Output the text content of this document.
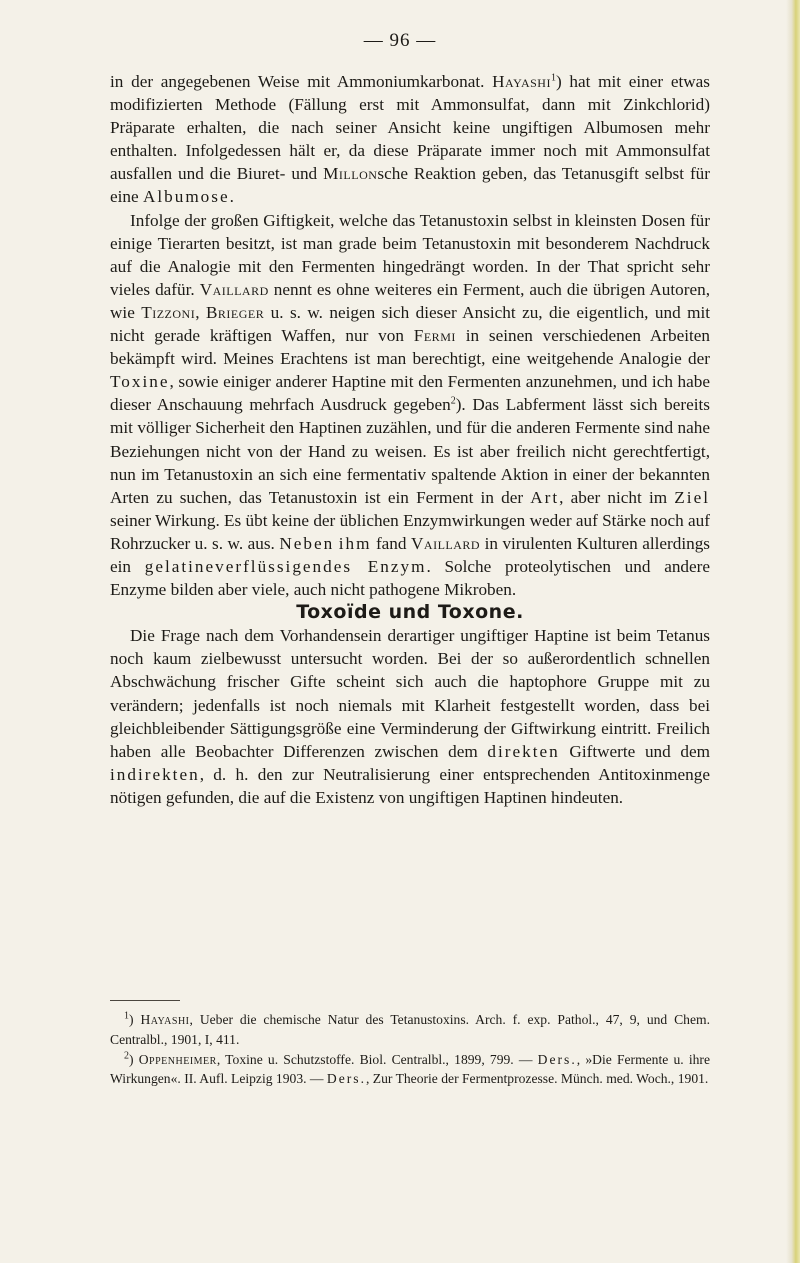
— 96 —

in der angegebenen Weise mit Ammoniumkarbonat. Hayashi$^1$) hat mit einer etwas modifizierten Methode (Fällung erst mit Ammonsulfat, dann mit Zinkchlorid) Präparate erhalten, die nach seiner Ansicht keine ungiftigen Albumosen mehr enthalten. Infolgedessen hält er, da diese Präparate immer noch mit Ammonsulfat ausfallen und die Biuret- und Millonsche Reaktion geben, das Tetanusgift selbst für eine Albumose.

Infolge der großen Giftigkeit, welche das Tetanustoxin selbst in kleinsten Dosen für einige Tierarten besitzt, ist man grade beim Tetanustoxin mit besonderem Nachdruck auf die Analogie mit den Fermenten hingedrängt worden. In der That spricht sehr vieles dafür. Vaillard nennt es ohne weiteres ein Ferment, auch die übrigen Autoren, wie Tizzoni, Brieger u. s. w. neigen sich dieser Ansicht zu, die eigentlich, und mit nicht gerade kräftigen Waffen, nur von Fermi in seinen verschiedenen Arbeiten bekämpft wird. Meines Erachtens ist man berechtigt, eine weitgehende Analogie der Toxine, sowie einiger anderer Haptine mit den Fermenten anzunehmen, und ich habe dieser Anschauung mehrfach Ausdruck gegeben$^2$). Das Labferment lässt sich bereits mit völliger Sicherheit den Haptinen zuzählen, und für die anderen Fermente sind nahe Beziehungen nicht von der Hand zu weisen. Es ist aber freilich nicht gerechtfertigt, nun im Tetanustoxin an sich eine fermentativ spaltende Aktion in einer der bekannten Arten zu suchen, das Tetanustoxin ist ein Ferment in der Art, aber nicht im Ziel seiner Wirkung. Es übt keine der üblichen Enzymwirkungen weder auf Stärke noch auf Rohrzucker u. s. w. aus. Neben ihm fand Vaillard in virulenten Kulturen allerdings ein gelatineverflüssigendes Enzym. Solche proteolytischen und andere Enzyme bilden aber viele, auch nicht pathogene Mikroben.

Toxoïde und Toxone.

Die Frage nach dem Vorhandensein derartiger ungiftiger Haptine ist beim Tetanus noch kaum zielbewusst untersucht worden. Bei der so außerordentlich schnellen Abschwächung frischer Gifte scheint sich auch die haptophore Gruppe mit zu verändern; jedenfalls ist noch niemals mit Klarheit festgestellt worden, dass bei gleichbleibender Sättigungsgröße eine Verminderung der Giftwirkung eintritt. Freilich haben alle Beobachter Differenzen zwischen dem direkten Giftwerte und dem indirekten, d. h. den zur Neutralisierung einer entsprechenden Antitoxinmenge nötigen gefunden, die auf die Existenz von ungiftigen Haptinen hindeuten.

$^1$) Hayashi, Ueber die chemische Natur des Tetanustoxins. Arch. f. exp. Pathol., 47, 9, und Chem. Centralbl., 1901, I, 411.

$^2$) Oppenheimer, Toxine u. Schutzstoffe. Biol. Centralbl., 1899, 799. — Ders., »Die Fermente u. ihre Wirkungen«. II. Aufl. Leipzig 1903. — Ders., Zur Theorie der Fermentprozesse. Münch. med. Woch., 1901.
